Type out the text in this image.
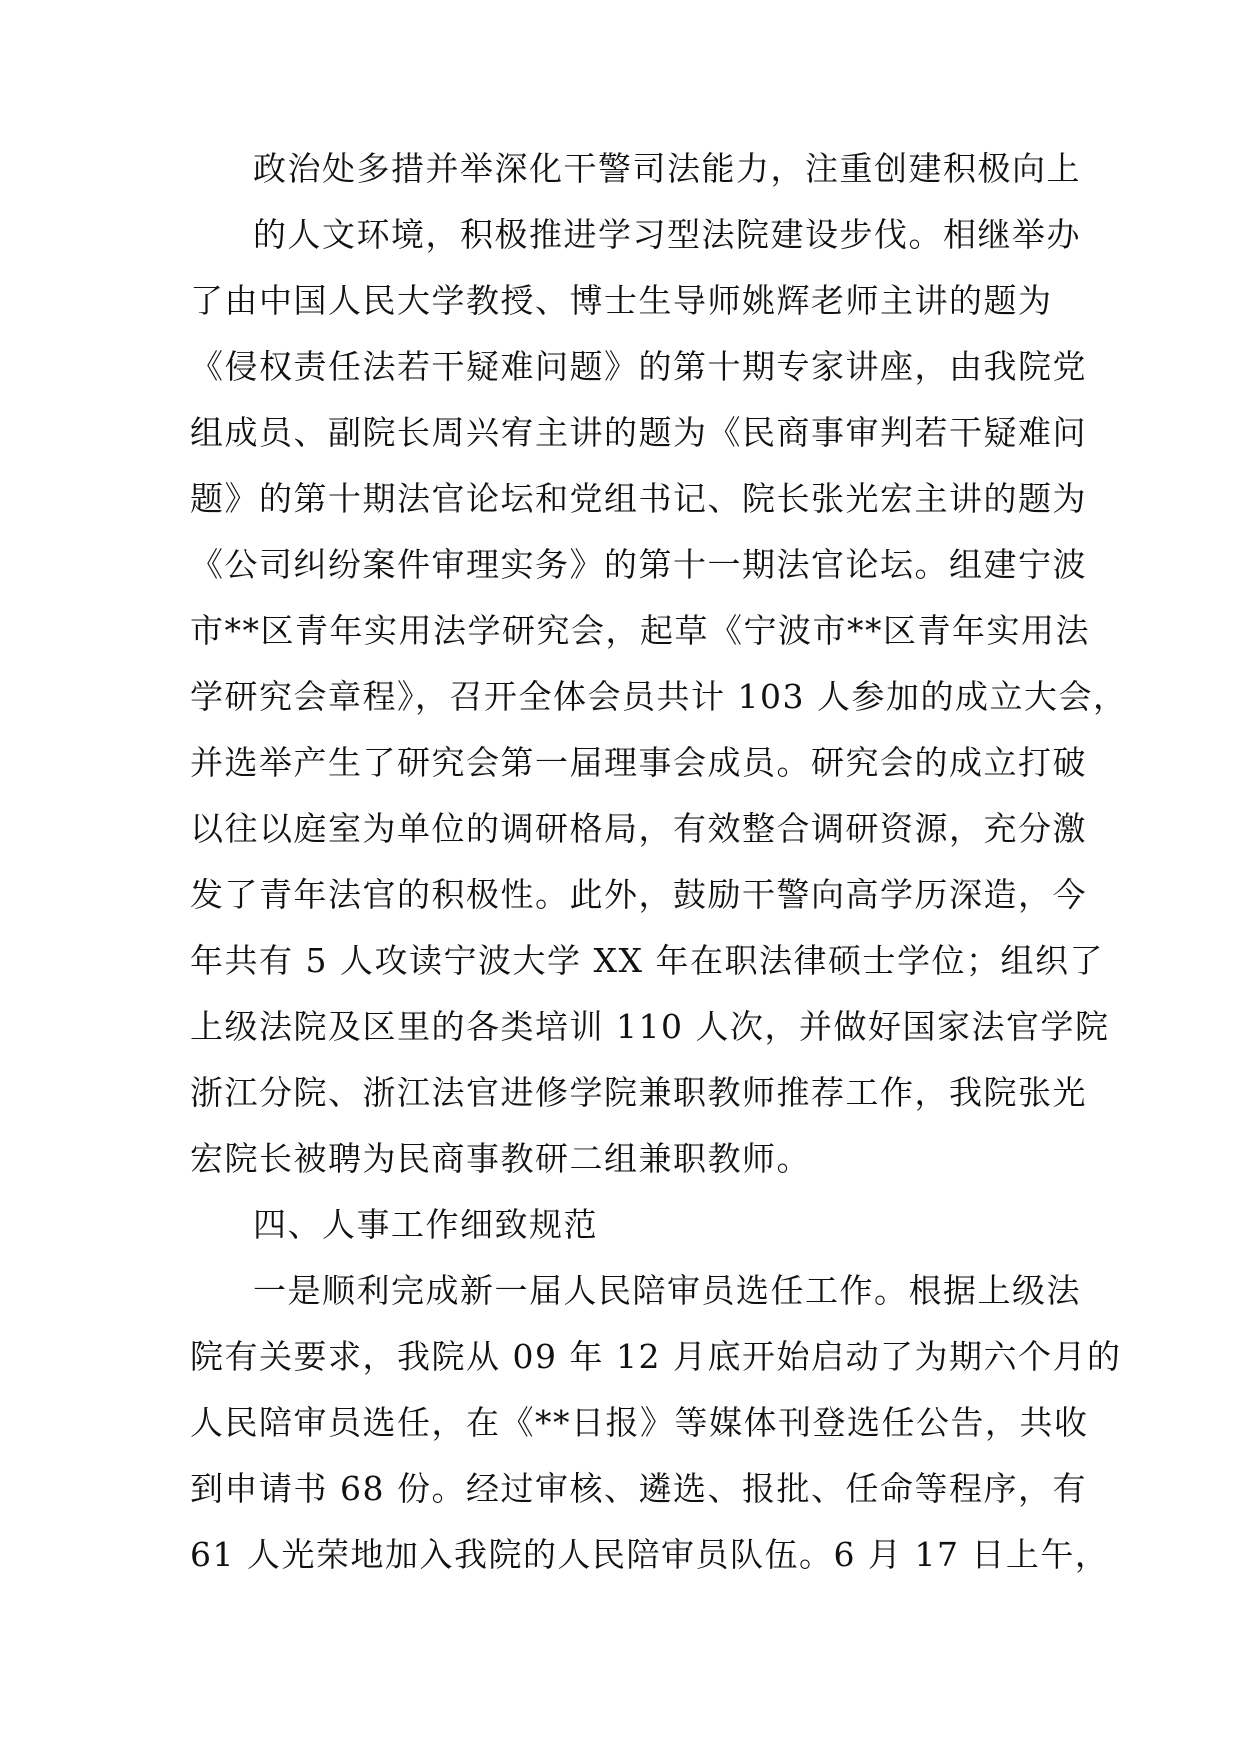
政治处多措并举深化干警司法能力，注重创建积极向上
的人文环境，积极推进学习型法院建设步伐。相继举办
了由中国人民大学教授、博士生导师姚辉老师主讲的题为
《侵权责任法若干疑难问题》的第十期专家讲座，由我院党
组成员、副院长周兴宥主讲的题为《民商事审判若干疑难问
题》的第十期法官论坛和党组书记、院长张光宏主讲的题为
《公司纠纷案件审理实务》的第十一期法官论坛。组建宁波
市**区青年实用法学研究会，起草《宁波市**区青年实用法
学研究会章程》，召开全体会员共计 103 人参加的成立大会，
并选举产生了研究会第一届理事会成员。研究会的成立打破
以往以庭室为单位的调研格局，有效整合调研资源，充分激
发了青年法官的积极性。此外，鼓励干警向高学历深造，今
年共有 5 人攻读宁波大学 XX 年在职法律硕士学位；组织了
上级法院及区里的各类培训 110 人次，并做好国家法官学院
浙江分院、浙江法官进修学院兼职教师推荐工作，我院张光
宏院长被聘为民商事教研二组兼职教师。
四、人事工作细致规范
一是顺利完成新一届人民陪审员选任工作。根据上级法
院有关要求，我院从 09 年 12 月底开始启动了为期六个月的
人民陪审员选任，在《**日报》等媒体刊登选任公告，共收
到申请书 68 份。经过审核、遴选、报批、任命等程序，有
61 人光荣地加入我院的人民陪审员队伍。6 月 17 日上午，
